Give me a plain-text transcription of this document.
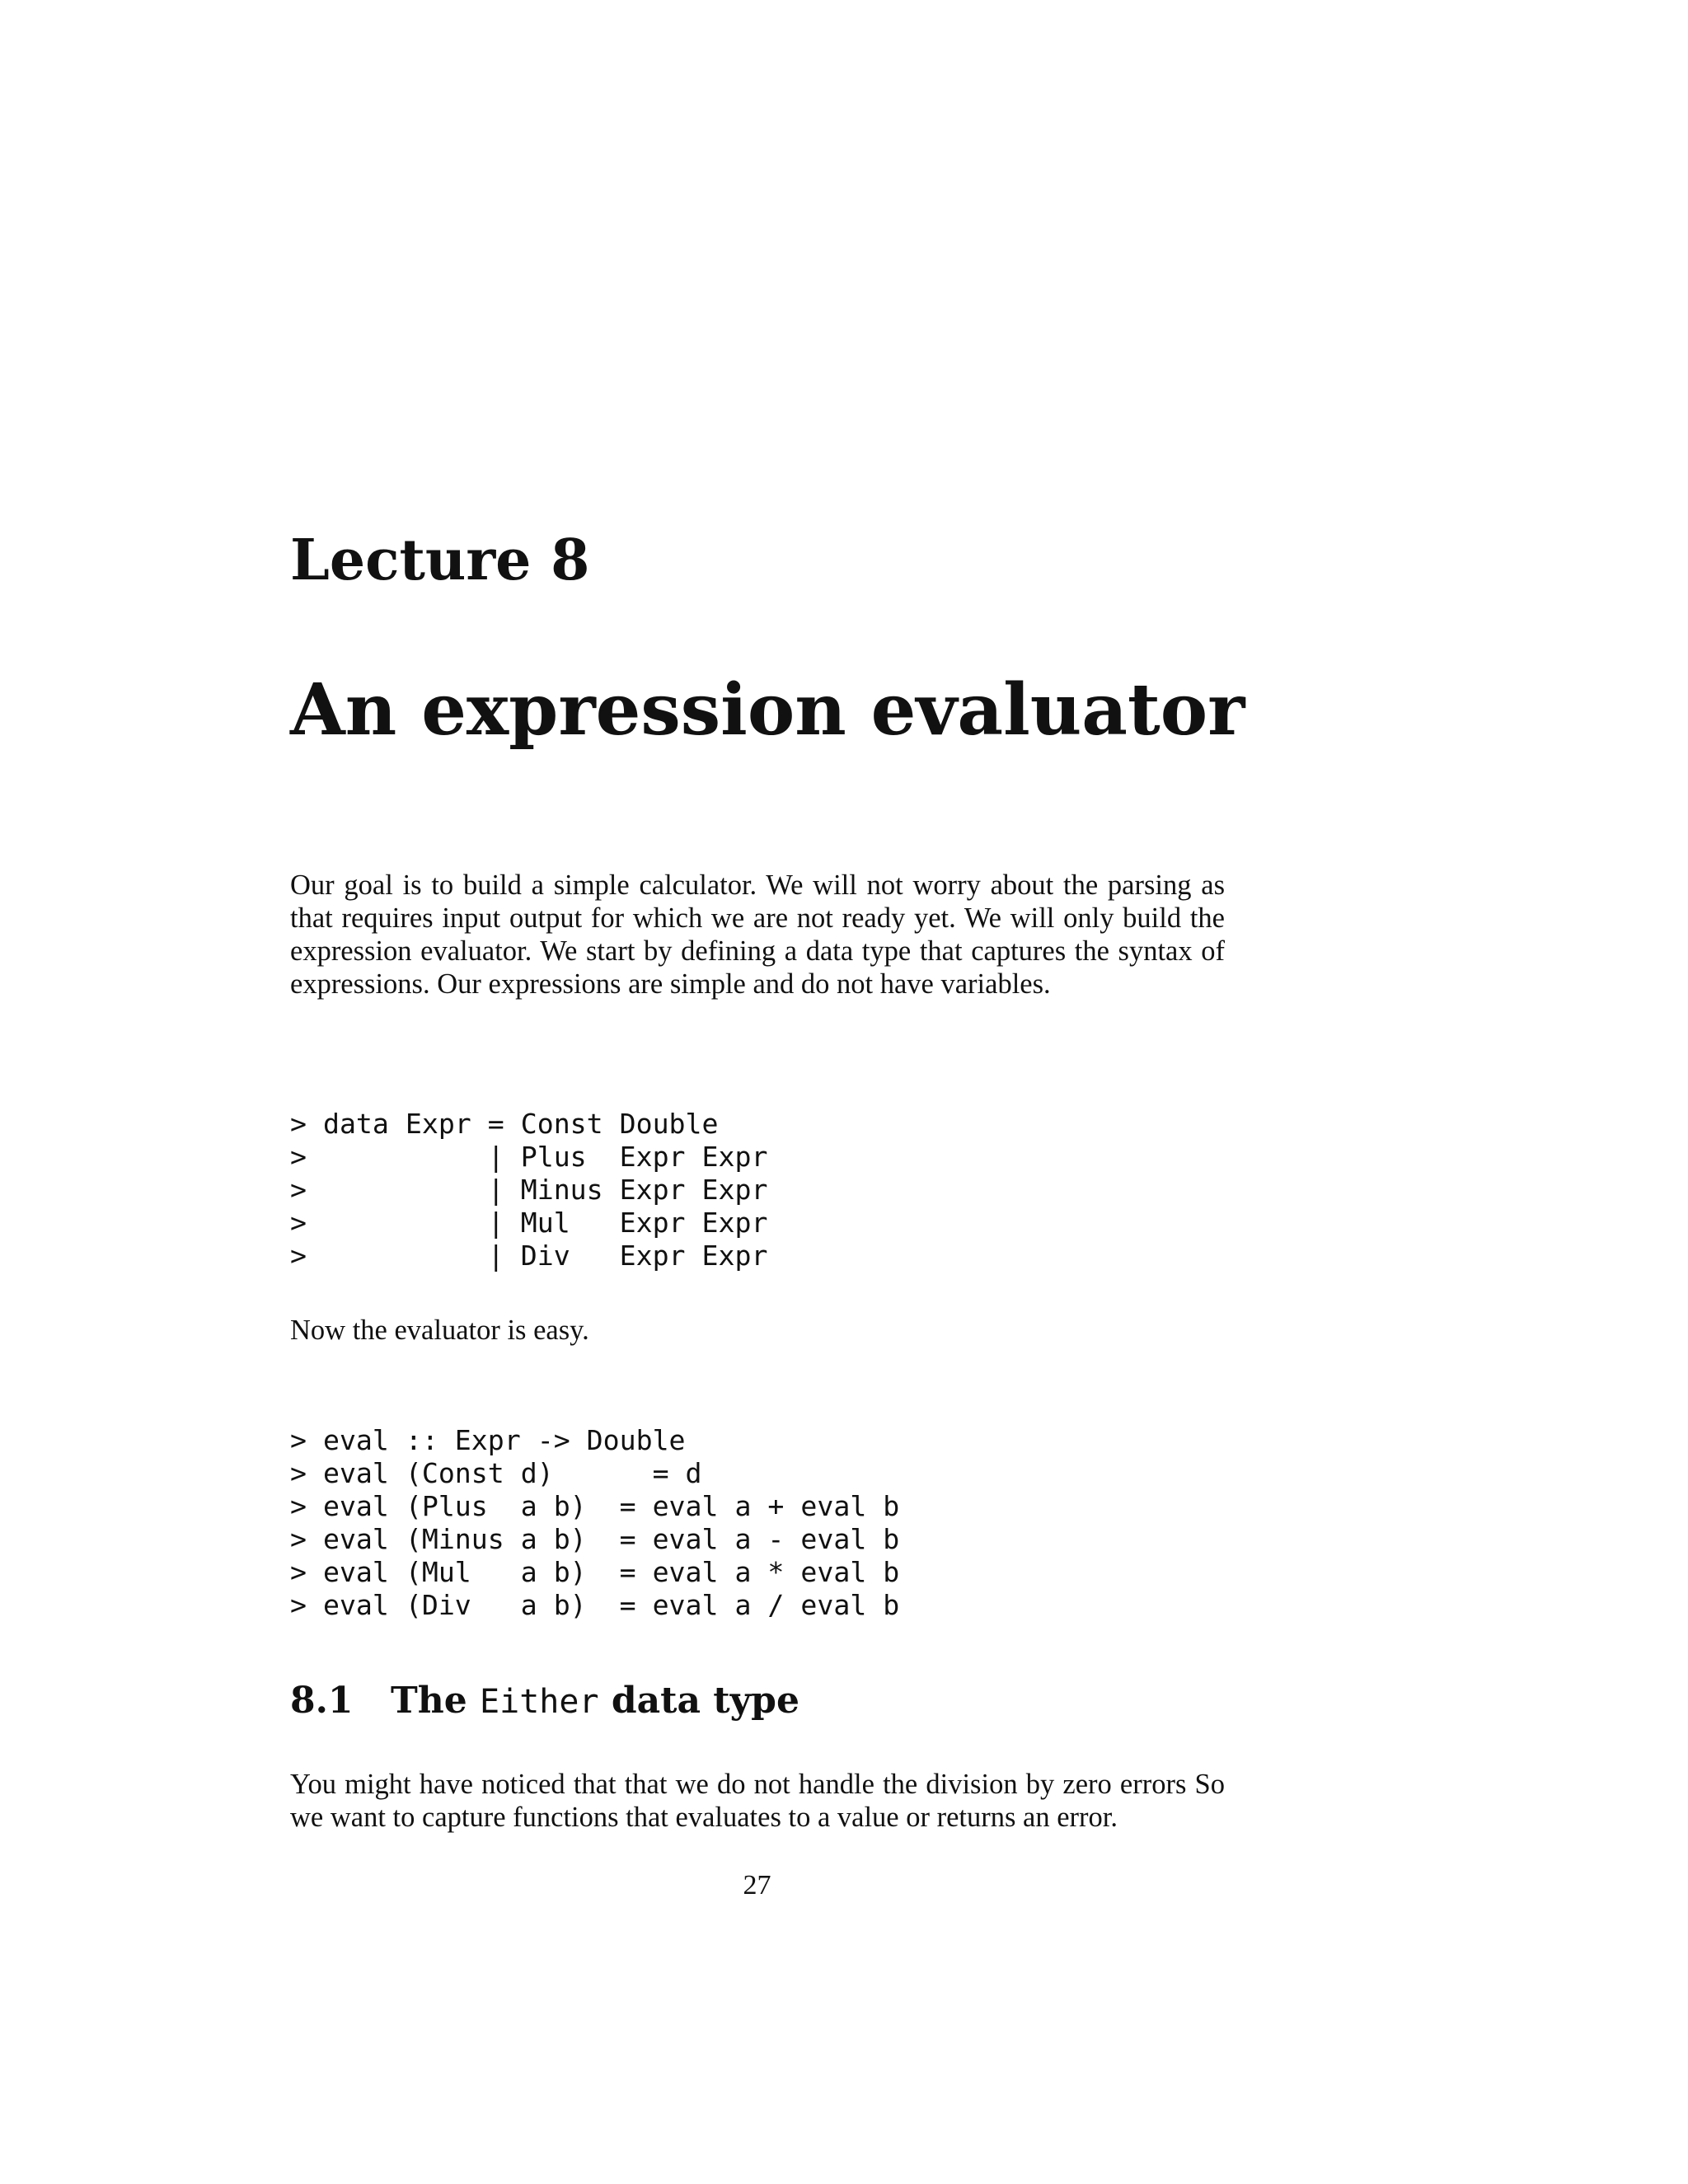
Lecture 8
An expression evaluator

Our goal is to build a simple calculator. We will not worry about the parsing as that requires input output for which we are not ready yet. We will only build the expression evaluator. We start by defining a data type that captures the syntax of expressions. Our expressions are simple and do not have variables.

> data Expr = Const Double
>           | Plus  Expr Expr
>           | Minus Expr Expr
>           | Mul   Expr Expr
>           | Div   Expr Expr

Now the evaluator is easy.

> eval :: Expr -> Double
> eval (Const d)      = d
> eval (Plus  a b)  = eval a + eval b
> eval (Minus a b)  = eval a - eval b
> eval (Mul   a b)  = eval a * eval b
> eval (Div   a b)  = eval a / eval b
8.1 The Either data type

You might have noticed that that we do not handle the division by zero errors So we want to capture functions that evaluates to a value or returns an error.

27
